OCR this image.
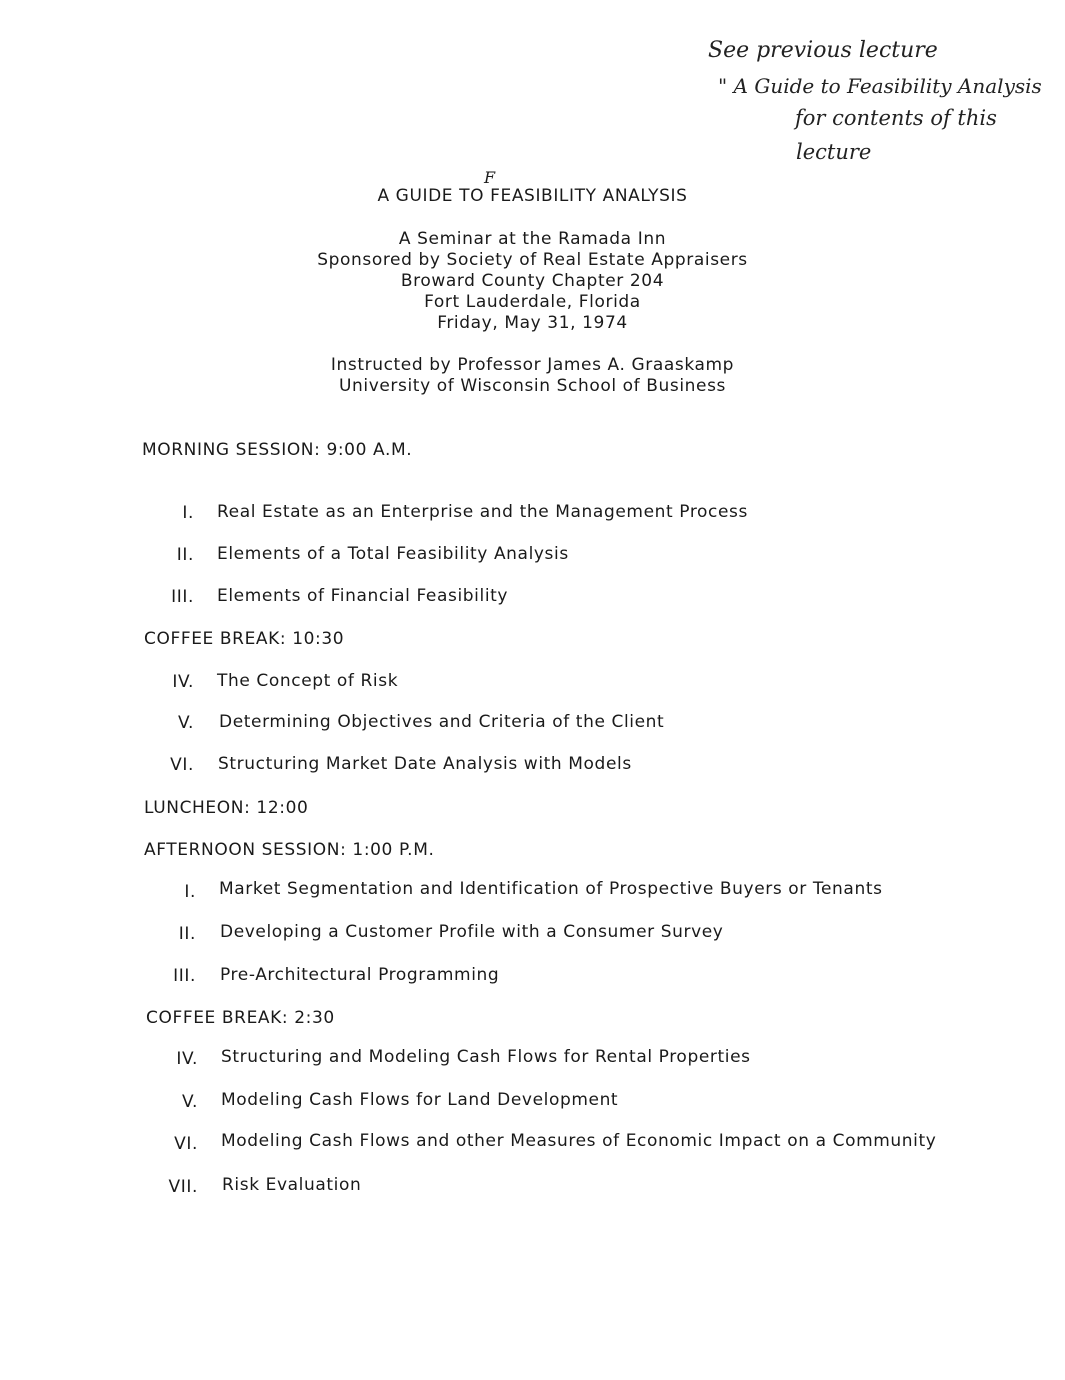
See previous lecture
" A Guide to Feasibility Analysis
for contents of this
lecture
F
A GUIDE TO FEASIBILITY ANALYSIS
A Seminar at the Ramada Inn
Sponsored by Society of Real Estate Appraisers
Broward County Chapter 204
Fort Lauderdale, Florida
Friday, May 31, 1974
Instructed by Professor James A. Graaskamp
University of Wisconsin School of Business
MORNING SESSION: 9:00 A.M.
I. Real Estate as an Enterprise and the Management Process
II. Elements of a Total Feasibility Analysis
III. Elements of Financial Feasibility
COFFEE BREAK: 10:30
IV. The Concept of Risk
V. Determining Objectives and Criteria of the Client
VI. Structuring Market Date Analysis with Models
LUNCHEON: 12:00
AFTERNOON SESSION: 1:00 P.M.
I. Market Segmentation and Identification of Prospective Buyers or Tenants
II. Developing a Customer Profile with a Consumer Survey
III. Pre-Architectural Programming
COFFEE BREAK: 2:30
IV. Structuring and Modeling Cash Flows for Rental Properties
V. Modeling Cash Flows for Land Development
VI. Modeling Cash Flows and other Measures of Economic Impact on a Community
VII. Risk Evaluation
